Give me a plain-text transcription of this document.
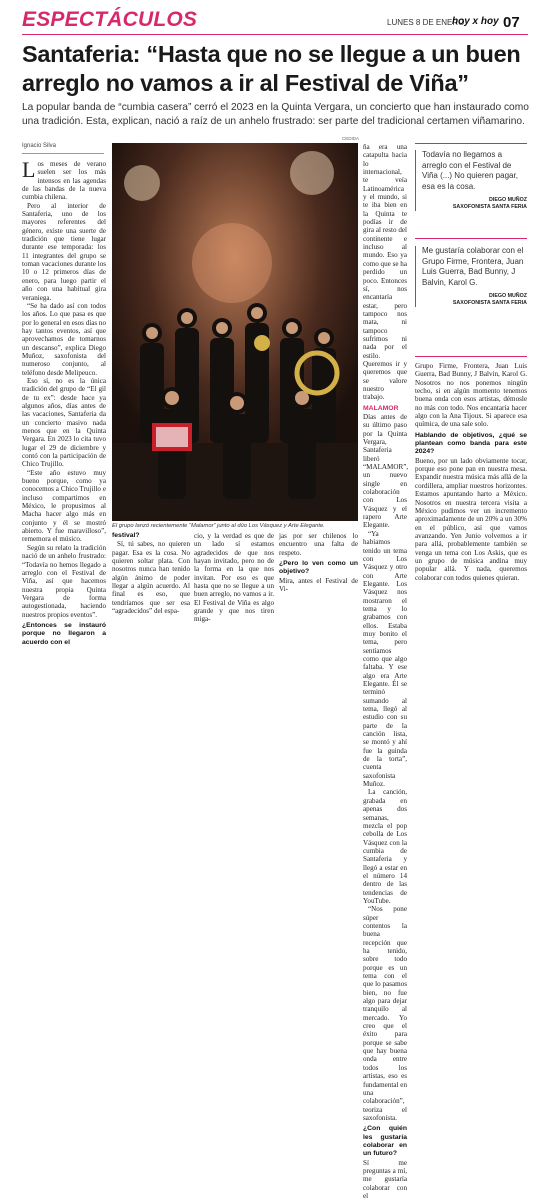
ESPECTÁCULOS	LUNES 8 DE ENERO
hoy x hoy 07
Santaferia: “Hasta que no se llegue a un buen arreglo no vamos a ir al Festival de Viña”

La popular banda de “cumbia casera” cerró el 2023 en la Quinta Vergara, un concierto que han instaurado como una tradición. Esta, explican, nació a raíz de un anhelo frustrado: ser parte del tradicional certamen viñamarino.

Ignacio Silva

Los meses de verano suelen ser los más intensos en las agendas de las bandas de la nueva cumbia chilena.

Pero al interior de Santaferia, uno de los mayores referentes del género, existe una suerte de tradición que tiene lugar durante ese temporada: los 11 integrantes del grupo se toman vacaciones durante los 10 o 12 primeros días de enero, para luego partir el año con una habitual gira veraniega.

“Se ha dado así con todos los años. Lo que pasa es que por lo general en esos días no hay tantos eventos, así que aprovechamos de tomarnos un descanso”, explica Diego Muñoz, saxofonista del numeroso conjunto, al teléfono desde Melipeuco.

Eso sí, no es la única tradición del grupo de “El gil de tu ex”: desde hace ya algunos años, días antes de las vacaciones, Santaferia da un concierto masivo nada menos que en la Quinta Vergara. En 2023 lo cita tuvo lugar el 29 de diciembre y contó con la participación de Chico Trujillo.

“Este año estuvo muy bueno porque, como ya conocemos a Chico Trujillo e incluso compartimos en México, le propusimos al Macha hacer algo más en conjunto y él se mostró abierto. Y fue maravilloso”, rememora el músico.

Según su relato la tradición nació de un anhelo frustrado: “Todavía no hemos llegado a arreglo con el Festival de Viña, así que hacemos nuestra propia Quinta Vergara de forma autogestionada, haciendo nuestros propios eventos”.

¿Entonces se instauró porque no llegaron a acuerdo con el

CEDIDA
El grupo lanzó recientemente “Malamor” junto al dúo Los Vásquez y Arte Elegante.

festival?

Sí, tú sabes, no quieren pagar. Esa es la cosa. No quieren soltar plata. Con nosotros nunca han tenido algún ánimo de poder llegar a algún acuerdo. Al final es eso, que tendríamos que ser esa “agradecidos” del espa-

cio, y la verdad es que de un lado sí estamos agradecidos de que nos hayan invitado, pero no de la forma en la que nos invitan. Por eso es que hasta que no se llegue a un buen arreglo, no vamos a ir. El Festival de Viña es algo grande y que nos tiren miga-

jas por ser chilenos lo encuentro una falta de respeto.

¿Pero lo ven como un objetivo?

Mira, antes el Festival de Vi-

ña era una catapulta hacia lo internacional, te veía Latinoamérica y el mundo, si te iba bien en la Quinta te podías ir de gira al resto del continente e incluso al mundo. Eso ya como que se ha perdido un poco. Entonces sí, nos encantaría estar, pero tampoco nos mata, ni tampoco sufrimos ni nada por el estilo. Queremos ir y queremos que se valore nuestro trabajo.

MALAMOR

Días antes de su último paso por la Quinta Vergara, Santaferia liberó “MALAMOR”, un nuevo single en colaboración con Los Vásquez y el rapero Arte Elegante.

“Ya habíamos tenido un tema con Los Vásquez y otro con Arte Elegante. Los Vásquez nos mostraron el tema y lo grabamos con ellos. Estaba muy bonito el tema, pero sentíamos como que algo faltaba. Y ese algo era Arte Elegante. Él se terminó sumando al tema, llegó al estudio con su parte de la canción lista, se montó y ahí fue la guinda de la torta”, cuenta saxofonista Muñoz.

La canción, grabada en apenas dos semanas, mezcla el pop cebolla de Los Vásquez con la cumbia de Santaferia y llegó a estar en el número 14 dentro de las tendencias de YouTube.

“Nos pone súper contentos la buena recepción que ha tenido, sobre todo porque es un tema con el que lo pasamos bien, no fue algo para dejar tranquilo al mercado. Yo creo que el éxito para porque se sabe que hay buena onda entre todos los artistas, eso es fundamental en una colaboración”, teoriza el saxofonista.

¿Con quién les gustaría colaborar en un futuro?

Sí me preguntas a mí, me gustaría colaborar con el

Todavía no llegamos a arreglo con el Festival de Viña (...) No quieren pagar, esa es la cosa.
DIEGO MUÑOZ
SAXOFONISTA SANTA FERIA
Me gustaría colaborar con el Grupo Firme, Frontera, Juan Luis Guerra, Bad Bunny, J Balvin, Karol G.
DIEGO MUÑOZ
SAXOFONISTA SANTA FERIA

Grupo Firme, Frontera, Juan Luis Guerra, Bad Bunny, J Balvin, Karol G. Nosotros no nos ponemos ningún techo, si en algún momento tenemos buena onda con esos artistas, démosle no más con todo. Nos encantaría hacer algo con la Ana Tijoux. Si aparece esa química, de una sale solo.

Hablando de objetivos, ¿qué se plantean como banda para este 2024?

Bueno, por un lado obviamente tocar, porque eso pone pan en nuestra mesa. Expandir nuestra música más allá de la cordillera, ampliar nuestros horizontes. Estamos apuntando harto a México. Nosotros en nuestra tercera visita a México pudimos ver un incremento aproximadamente de un 20% a un 30% en el público, así que vamos avanzando. Yen Junio volvemos a ir para allá, probablemente también se venga un tema con Los Askis, que es un grupo de música andina muy popular allá. Y nada, queremos colaborar con todos quienes quieran.
